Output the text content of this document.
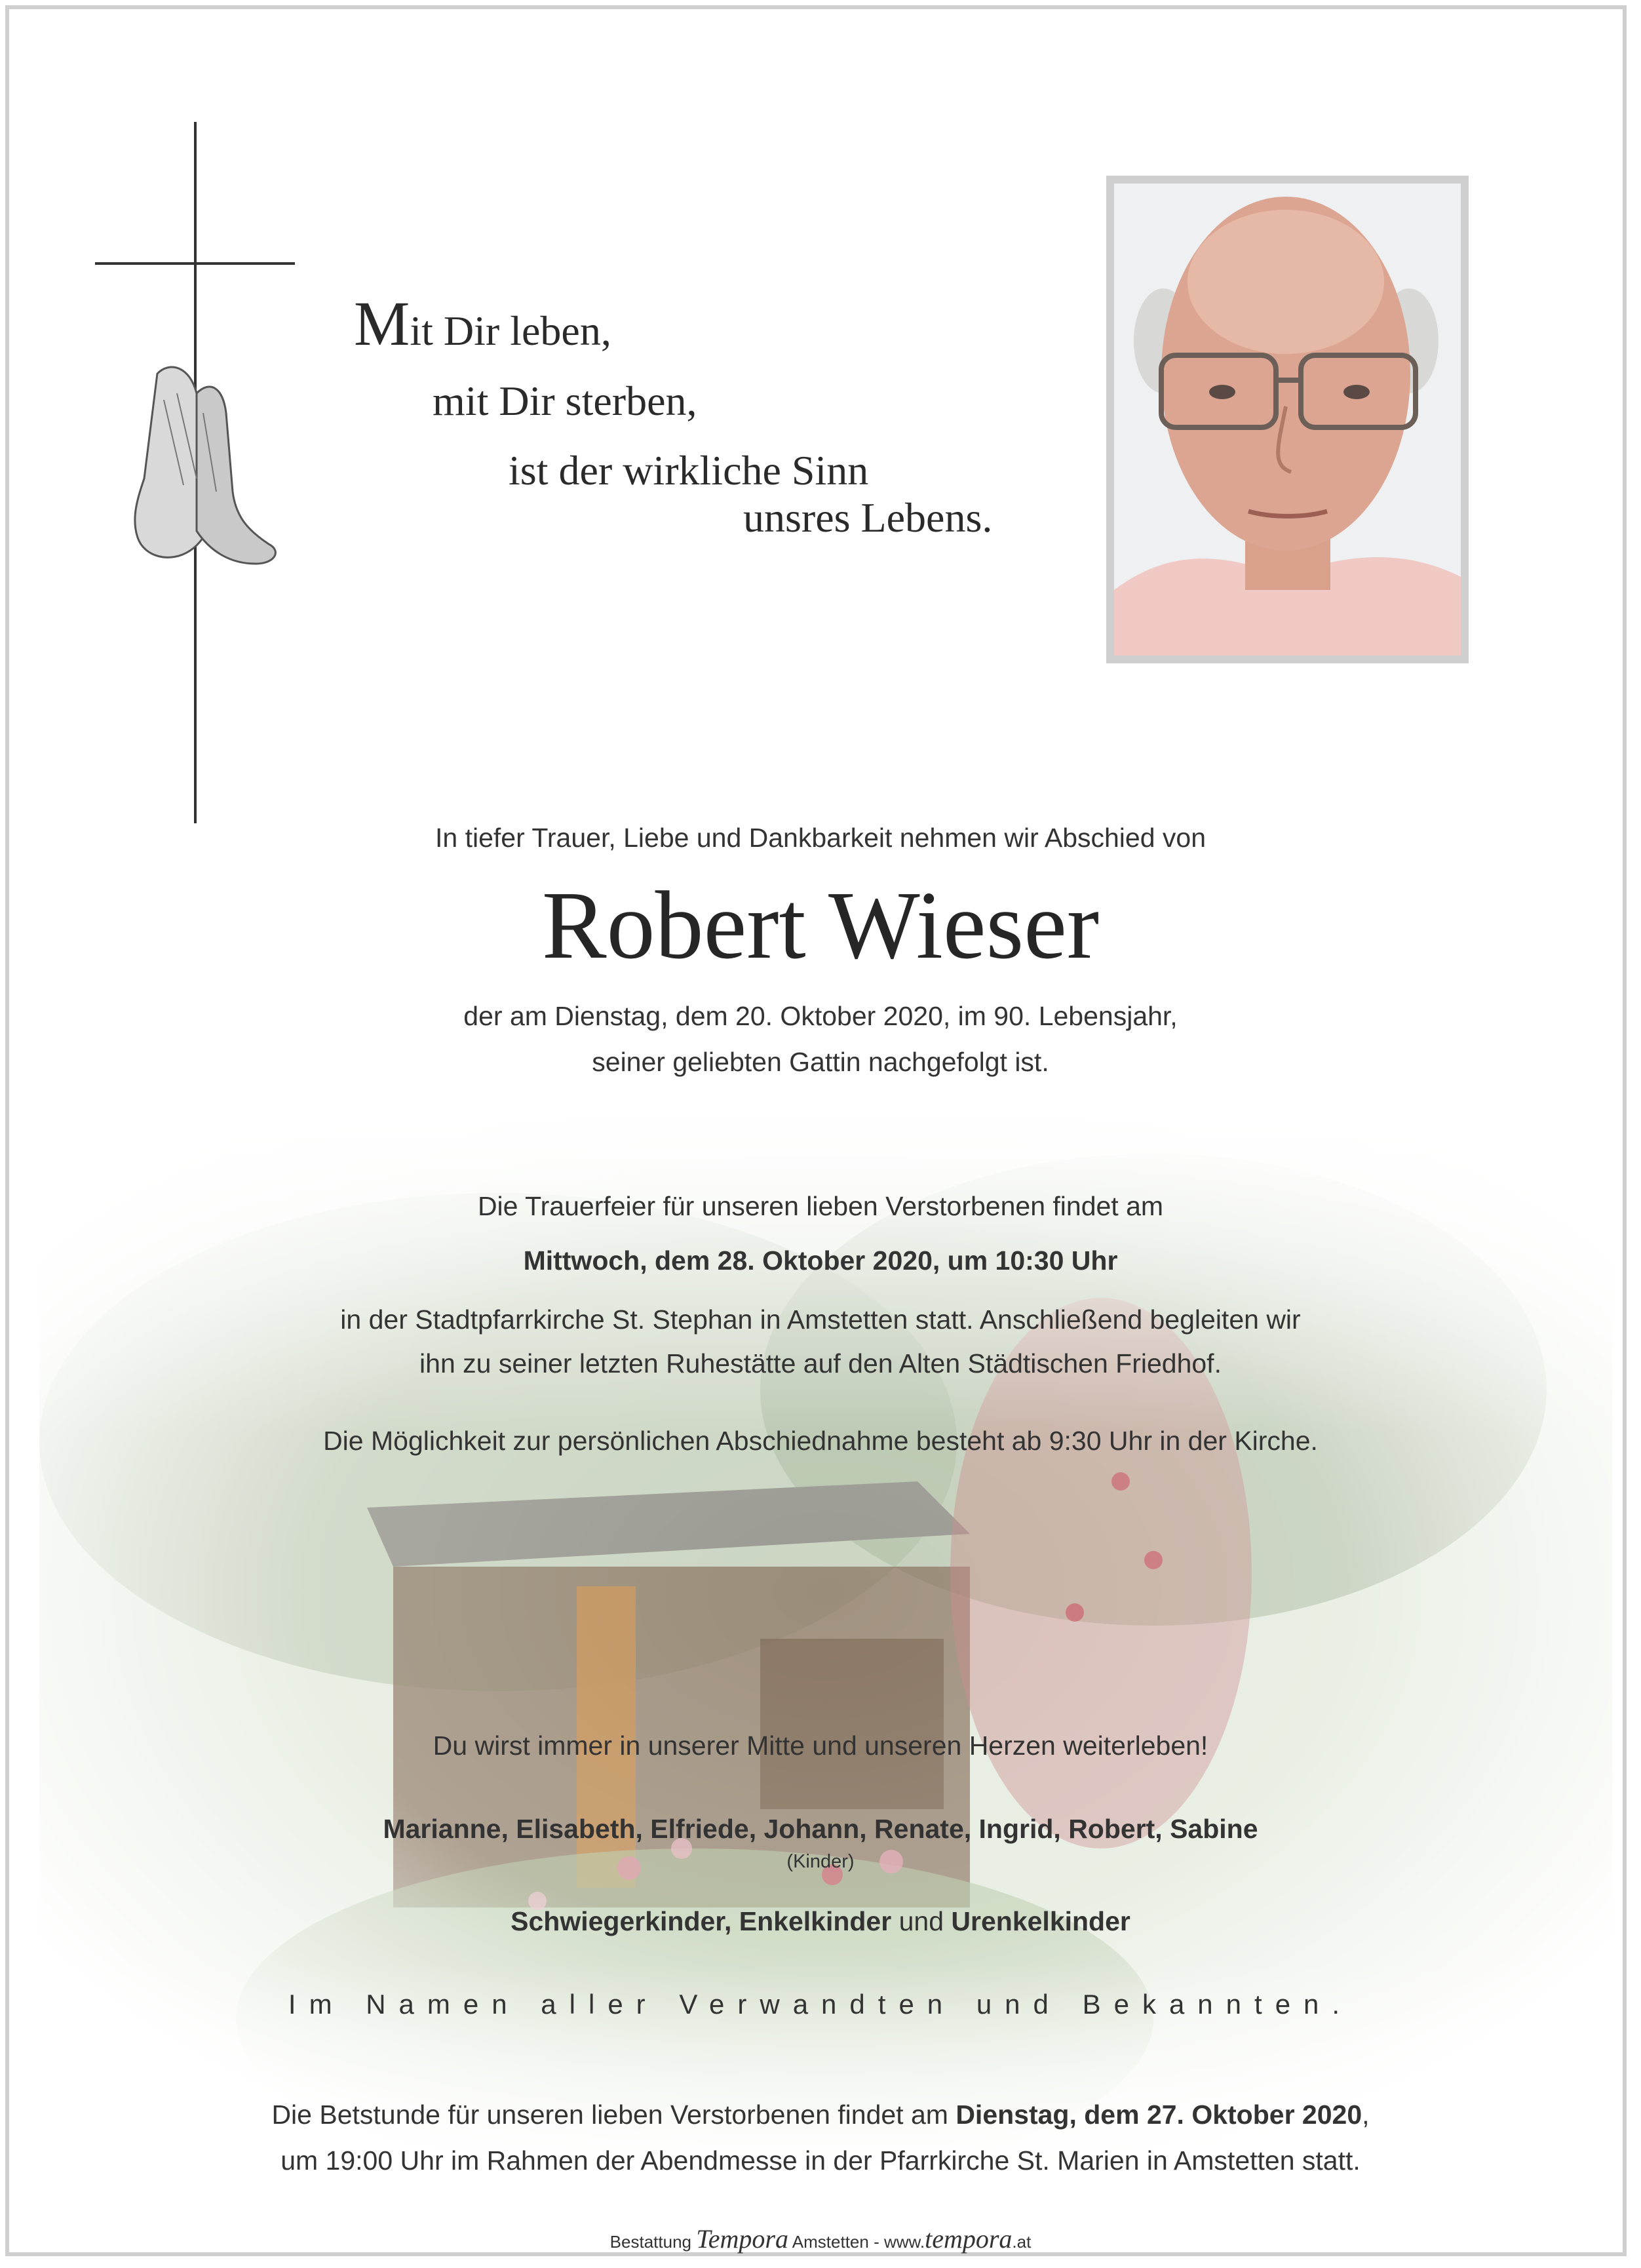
Mit Dir leben,
mit Dir sterben,
ist der wirkliche Sinn
unsres Lebens.
In tiefer Trauer, Liebe und Dankbarkeit nehmen wir Abschied von
Robert Wieser
der am Dienstag, dem 20. Oktober 2020, im 90. Lebensjahr,
seiner geliebten Gattin nachgefolgt ist.
Die Trauerfeier für unseren lieben Verstorbenen findet am
Mittwoch, dem 28. Oktober 2020, um 10:30 Uhr
in der Stadtpfarrkirche St. Stephan in Amstetten statt. Anschließend begleiten wir
ihn zu seiner letzten Ruhestätte auf den Alten Städtischen Friedhof.
Die Möglichkeit zur persönlichen Abschiednahme besteht ab 9:30 Uhr in der Kirche.
Du wirst immer in unserer Mitte und unseren Herzen weiterleben!
Marianne, Elisabeth, Elfriede, Johann, Renate, Ingrid, Robert, Sabine
(Kinder)
Schwiegerkinder, Enkelkinder und Urenkelkinder
Im Namen aller Verwandten und Bekannten.
Die Betstunde für unseren lieben Verstorbenen findet am Dienstag, dem 27. Oktober 2020,
um 19:00 Uhr im Rahmen der Abendmesse in der Pfarrkirche St. Marien in Amstetten statt.
Bestattung Tempora Amstetten - www.tempora.at
